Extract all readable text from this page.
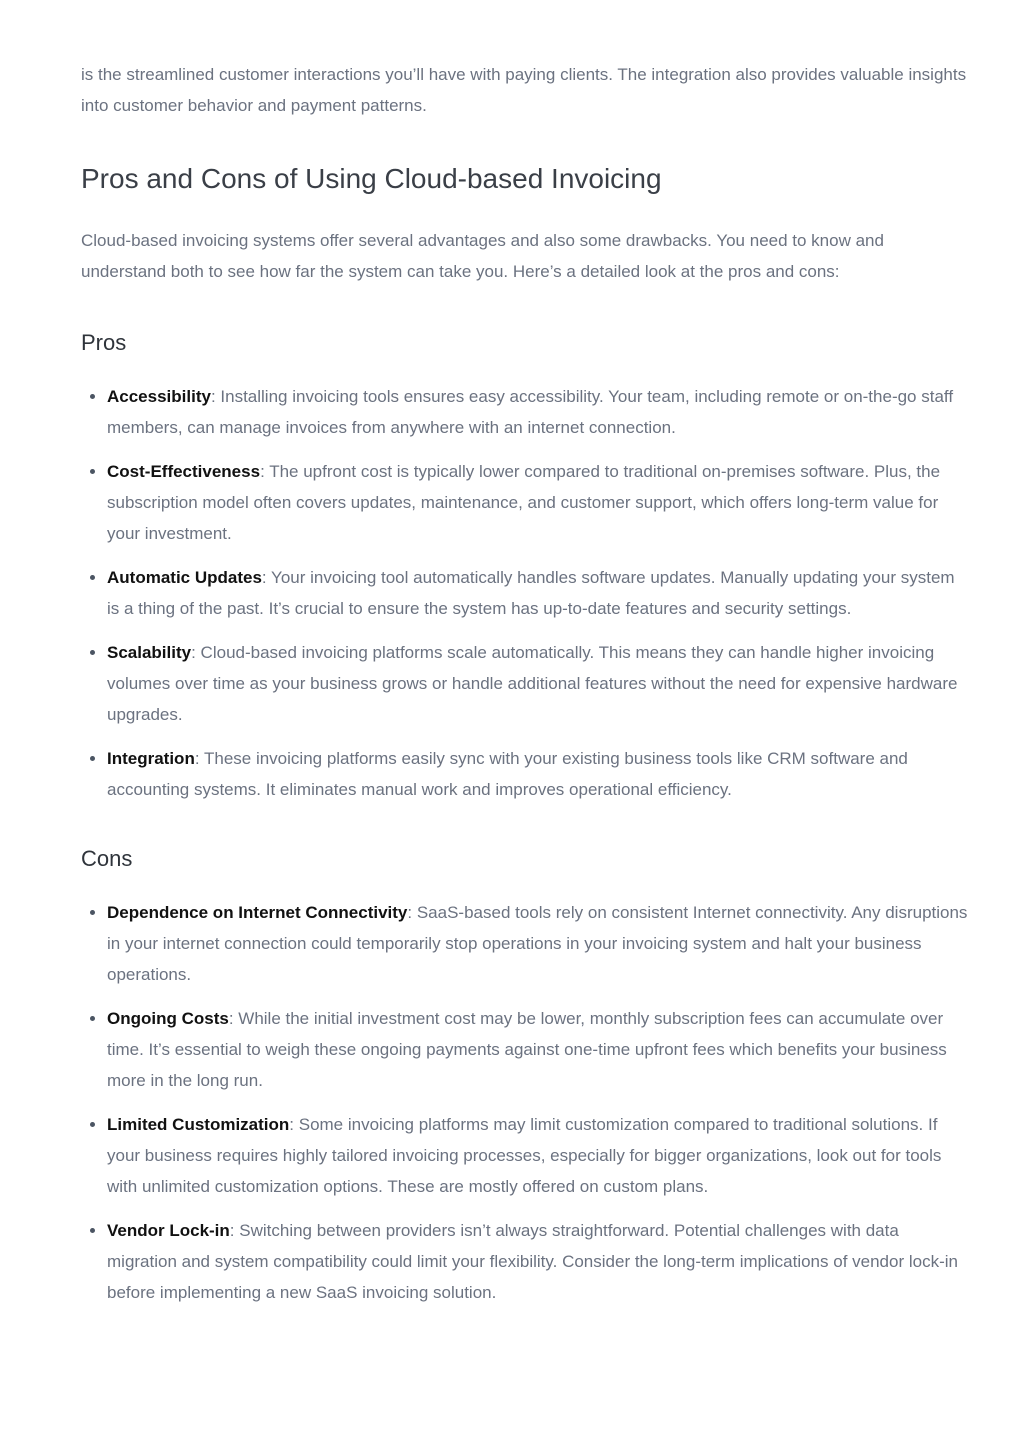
is the streamlined customer interactions you’ll have with paying clients. The integration also provides valuable insights into customer behavior and payment patterns.

Pros and Cons of Using Cloud-based Invoicing

Cloud-based invoicing systems offer several advantages and also some drawbacks. You need to know and understand both to see how far the system can take you. Here’s a detailed look at the pros and cons:

Pros
Accessibility: Installing invoicing tools ensures easy accessibility. Your team, including remote or on-the-go staff members, can manage invoices from anywhere with an internet connection.
Cost-Effectiveness: The upfront cost is typically lower compared to traditional on-premises software. Plus, the subscription model often covers updates, maintenance, and customer support, which offers long-term value for your investment.
Automatic Updates: Your invoicing tool automatically handles software updates. Manually updating your system is a thing of the past. It’s crucial to ensure the system has up-to-date features and security settings.
Scalability: Cloud-based invoicing platforms scale automatically. This means they can handle higher invoicing volumes over time as your business grows or handle additional features without the need for expensive hardware upgrades.
Integration: These invoicing platforms easily sync with your existing business tools like CRM software and accounting systems. It eliminates manual work and improves operational efficiency.
Cons
Dependence on Internet Connectivity: SaaS-based tools rely on consistent Internet connectivity. Any disruptions in your internet connection could temporarily stop operations in your invoicing system and halt your business operations.
Ongoing Costs: While the initial investment cost may be lower, monthly subscription fees can accumulate over time. It’s essential to weigh these ongoing payments against one-time upfront fees which benefits your business more in the long run.
Limited Customization: Some invoicing platforms may limit customization compared to traditional solutions. If your business requires highly tailored invoicing processes, especially for bigger organizations, look out for tools with unlimited customization options. These are mostly offered on custom plans.
Vendor Lock-in: Switching between providers isn’t always straightforward. Potential challenges with data migration and system compatibility could limit your flexibility. Consider the long-term implications of vendor lock-in before implementing a new SaaS invoicing solution.
